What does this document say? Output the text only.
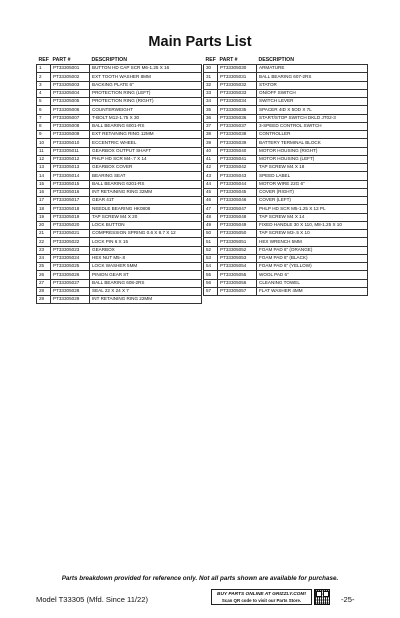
Main Parts List
REF	PART #	DESCRIPTION
1	PT33305001	BUTTON HD CAP SCR M6-1.25 X 16
2	PT33305002	EXT TOOTH WASHER 8MM
3	PT33305003	BACKING PLATE 6"
4	PT33305004	PROTECTION RING (LEFT)
5	PT33305005	PROTECTION RING (RIGHT)
6	PT33305006	COUNTERWEIGHT
7	PT33305007	T-BOLT M12-1.75 X 30
8	PT33305008	BALL BEARING 6001-RS
9	PT33305009	EXT RETAINING RING 12MM
10	PT33305010	ECCENTRIC WHEEL
11	PT33305011	GEARBOX OUTPUT SHAFT
12	PT33305012	PHLP HD SCR M4-.7 X 14
13	PT33305013	GEARBOX COVER
14	PT33305014	BEARING SEAT
15	PT33305015	BALL BEARING 6201-RS
16	PT33305016	INT RETAINING RING 32MM
17	PT33305017	GEAR 41T
18	PT33305018	NEEDLE BEARING HK0808
19	PT33305019	TAP SCREW M4 X 20
20	PT33305020	LOCK BUTTON
21	PT33305021	COMPRESSION SPRING 0.6 X 8.7 X 12
22	PT33305022	LOCK PIN 6 X 15
23	PT33305023	GEARBOX
24	PT33305024	HEX NUT M5-.8
25	PT33305025	LOCK WASHER 5MM
26	PT33305026	PINION GEAR 8T
27	PT33305027	BALL BEARING 608-2RS
28	PT33305028	SEAL 22 X 24 X 7
29	PT33305029	INT RETAINING RING 22MM
REF	PART #	DESCRIPTION
30	PT33305030	ARMATURE
31	PT33305031	BALL BEARING 607-2RS
32	PT33305032	STATOR
33	PT33305033	ON/OFF SWITCH
34	PT33305034	SWITCH LEVER
35	PT33305035	SPACER 4ID X 5OD X 7L
36	PT33305036	START/STOP SWITCH DKLD JT02-3
37	PT33305037	3-SPEED CONTROL SWITCH
38	PT33305038	CONTROLLER
39	PT33305039	BATTERY TERMINAL BLOCK
40	PT33305040	MOTOR HOUSING (RIGHT)
41	PT33305041	MOTOR HOUSING (LEFT)
42	PT33305042	TAP SCREW M4 X 18
43	PT33305043	SPEED LABEL
44	PT33305044	MOTOR WIRE 22G 6"
45	PT33305045	COVER (RIGHT)
46	PT33305046	COVER (LEFT)
47	PT33305047	PHLP HD SCR M5-1.25 X 12 PL
48	PT33305048	TAP SCREW M4 X 14
49	PT33305049	FIXED HANDLE 30 X 110, M8-1.25 X 10
50	PT33305050	TAP SCREW M3-.5 X 10
51	PT33305051	HEX WRENCH 5MM
52	PT33305052	FOAM PAD 6" (ORANGE)
53	PT33305053	FOAM PAD 6" (BLACK)
54	PT33305054	FOAM PAD 6" (YELLOW)
55	PT33305055	WOOL PAD 6"
56	PT33305056	CLEANING TOWEL
57	PT33305057	FLAT WASHER 4MM
Parts breakdown provided for reference only. Not all parts shown are available for purchase.
Model T33305 (Mfd. Since 11/22)
BUY PARTS ONLINE AT GRIZZLY.COM!
Scan QR code to visit our Parts Store.	-25-
